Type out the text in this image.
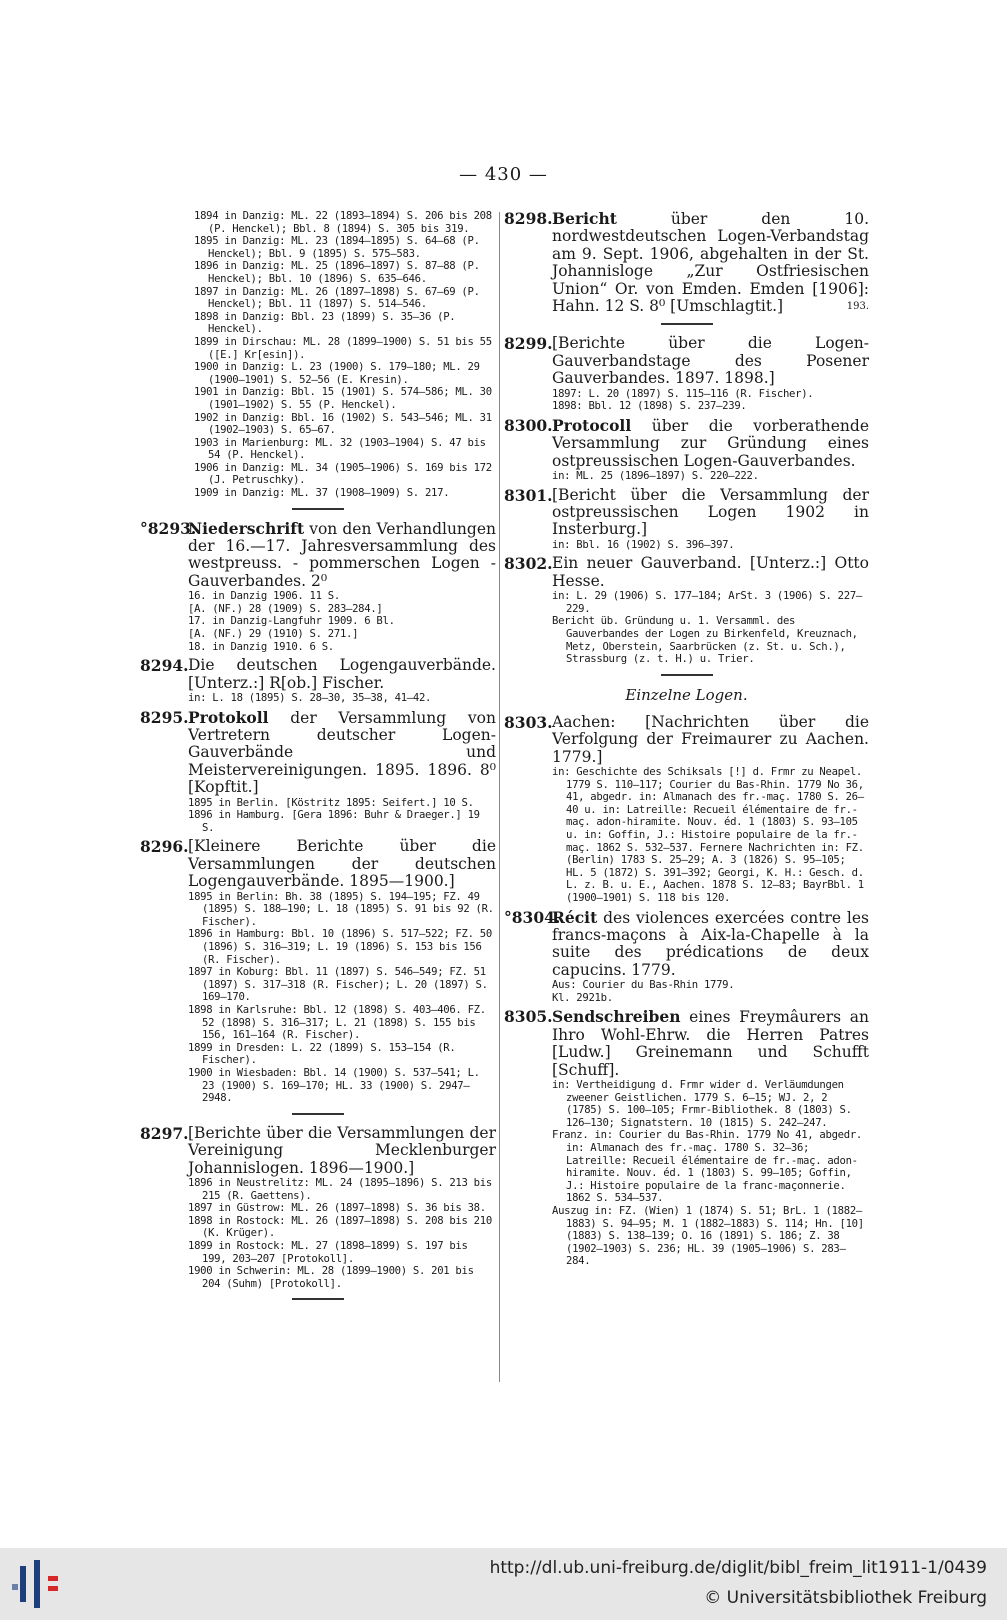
— 430 —
1894 in Danzig: ML. 22 (1893—1894) S. 206 bis 208 (P. Henckel); Bbl. 8 (1894) S. 305 bis 319.
1895 in Danzig: ML. 23 (1894—1895) S. 64—68 (P. Henckel); Bbl. 9 (1895) S. 575—583.
1896 in Danzig: ML. 25 (1896—1897) S. 87—88 (P. Henckel); Bbl. 10 (1896) S. 635—646.
1897 in Danzig: ML. 26 (1897—1898) S. 67—69 (P. Henckel); Bbl. 11 (1897) S. 514—546.
1898 in Danzig: Bbl. 23 (1899) S. 35—36 (P. Henckel).
1899 in Dirschau: ML. 28 (1899—1900) S. 51 bis 55 ([E.] Kr[esin]).
1900 in Danzig: L. 23 (1900) S. 179—180; ML. 29 (1900—1901) S. 52—56 (E. Kresin).
1901 in Danzig: Bbl. 15 (1901) S. 574—586; ML. 30 (1901—1902) S. 55 (P. Henckel).
1902 in Danzig: Bbl. 16 (1902) S. 543—546; ML. 31 (1902—1903) S. 65—67.
1903 in Marienburg: ML. 32 (1903—1904) S. 47 bis 54 (P. Henckel).
1906 in Danzig: ML. 34 (1905—1906) S. 169 bis 172 (J. Petruschky).
1909 in Danzig: ML. 37 (1908—1909) S. 217.
°8293.
Niederschrift von den Verhandlungen der 16.—17. Jahresversammlung des westpreuss. - pommerschen Logen - Gauverbandes. 2⁰
16. in Danzig 1906. 11 S.
[A. (NF.) 28 (1909) S. 283—284.]
17. in Danzig-Langfuhr 1909. 6 Bl.
[A. (NF.) 29 (1910) S. 271.]
18. in Danzig 1910. 6 S.
8294. Die deutschen Logengauverbände. [Unterz.:] R[ob.] Fischer.
in: L. 18 (1895) S. 28—30, 35—38, 41—42.
8295. Protokoll der Versammlung von Vertretern deutscher Logen-Gauverbände und Meistervereinigungen. 1895. 1896. 8⁰ [Kopftit.]
1895 in Berlin. [Köstritz 1895: Seifert.] 10 S.
1896 in Hamburg. [Gera 1896: Buhr & Draeger.] 19 S.
8296. [Kleinere Berichte über die Versammlungen der deutschen Logengauverbände. 1895—1900.]
1895 in Berlin: Bh. 38 (1895) S. 194—195; FZ. 49 (1895) S. 188—190; L. 18 (1895) S. 91 bis 92 (R. Fischer).
1896 in Hamburg: Bbl. 10 (1896) S. 517—522; FZ. 50 (1896) S. 316—319; L. 19 (1896) S. 153 bis 156 (R. Fischer).
1897 in Koburg: Bbl. 11 (1897) S. 546—549; FZ. 51 (1897) S. 317—318 (R. Fischer); L. 20 (1897) S. 169—170.
1898 in Karlsruhe: Bbl. 12 (1898) S. 403—406. FZ. 52 (1898) S. 316—317; L. 21 (1898) S. 155 bis 156, 161—164 (R. Fischer).
1899 in Dresden: L. 22 (1899) S. 153—154 (R. Fischer).
1900 in Wiesbaden: Bbl. 14 (1900) S. 537—541; L. 23 (1900) S. 169—170; HL. 33 (1900) S. 2947—2948.
8297. [Berichte über die Versammlungen der Vereinigung Mecklenburger Johannislogen. 1896—1900.]
1896 in Neustrelitz: ML. 24 (1895—1896) S. 213 bis 215 (R. Gaettens).
1897 in Güstrow: ML. 26 (1897—1898) S. 36 bis 38.
1898 in Rostock: ML. 26 (1897—1898) S. 208 bis 210 (K. Krüger).
1899 in Rostock: ML. 27 (1898—1899) S. 197 bis 199, 203—207 [Protokoll].
1900 in Schwerin: ML. 28 (1899—1900) S. 201 bis 204 (Suhm) [Protokoll].
8298. Bericht über den 10. nordwestdeutschen Logen-Verbandstag am 9. Sept. 1906, abgehalten in der St. Johannisloge „Zur Ostfriesischen Union“ Or. von Emden. Emden [1906]: Hahn. 12 S. 8⁰ [Umschlagtit.]	193.
8299. [Berichte über die Logen-Gauverbandstage des Posener Gauverbandes. 1897. 1898.]
1897: L. 20 (1897) S. 115—116 (R. Fischer).
1898: Bbl. 12 (1898) S. 237—239.
8300. Protocoll über die vorberathende Versammlung zur Gründung eines ostpreussischen Logen-Gauverbandes.
in: ML. 25 (1896—1897) S. 220—222.
8301. [Bericht über die Versammlung der ostpreussischen Logen 1902 in Insterburg.]
in: Bbl. 16 (1902) S. 396—397.
8302. Ein neuer Gauverband. [Unterz.:] Otto Hesse.
in: L. 29 (1906) S. 177—184; ArSt. 3 (1906) S. 227—229.
Bericht üb. Gründung u. 1. Versamml. des Gauverbandes der Logen zu Birkenfeld, Kreuznach, Metz, Oberstein, Saarbrücken (z. St. u. Sch.), Strassburg (z. t. H.) u. Trier.
Einzelne Logen.
8303. Aachen: [Nachrichten über die Verfolgung der Freimaurer zu Aachen. 1779.]
in: Geschichte des Schiksals [!] d. Frmr zu Neapel. 1779 S. 110—117; Courier du Bas-Rhin. 1779 No 36, 41, abgedr. in: Almanach des fr.-maç. 1780 S. 26—40 u. in: Latreille: Recueil élémentaire de fr.-maç. adon-hiramite. Nouv. éd. 1 (1803) S. 93—105 u. in: Goffin, J.: Histoire populaire de la fr.-maç. 1862 S. 532—537. Fernere Nachrichten in: FZ. (Berlin) 1783 S. 25—29; A. 3 (1826) S. 95—105; HL. 5 (1872) S. 391—392; Georgi, K. H.: Gesch. d. L. z. B. u. E., Aachen. 1878 S. 12—83; BayrBbl. 1 (1900—1901) S. 118 bis 120.
°8304.
Récit des violences exercées contre les francs-maçons à Aix-la-Chapelle à la suite des prédications de deux capucins. 1779.
Aus: Courier du Bas-Rhin 1779.
Kl. 2921b.
8305. Sendschreiben eines Freymâurers an Ihro Wohl-Ehrw. die Herren Patres [Ludw.] Greinemann und Schufft [Schuff].
in: Vertheidigung d. Frmr wider d. Verläumdungen zweener Geistlichen. 1779 S. 6—15; WJ. 2, 2 (1785) S. 100—105; Frmr-Bibliothek. 8 (1803) S. 126—130; Signatstern. 10 (1815) S. 242—247.
Franz. in: Courier du Bas-Rhin. 1779 No 41, abgedr. in: Almanach des fr.-maç. 1780 S. 32—36; Latreille: Recueil élémentaire de fr.-maç. adon-hiramite. Nouv. éd. 1 (1803) S. 99—105; Goffin, J.: Histoire populaire de la franc-maçonnerie. 1862 S. 534—537.
Auszug in: FZ. (Wien) 1 (1874) S. 51; BrL. 1 (1882—1883) S. 94—95; M. 1 (1882—1883) S. 114; Hn. [10] (1883) S. 138—139; O. 16 (1891) S. 186; Z. 38 (1902—1903) S. 236; HL. 39 (1905—1906) S. 283—284.
http://dl.ub.uni-freiburg.de/diglit/bibl_freim_lit1911-1/0439
© Universitätsbibliothek Freiburg
